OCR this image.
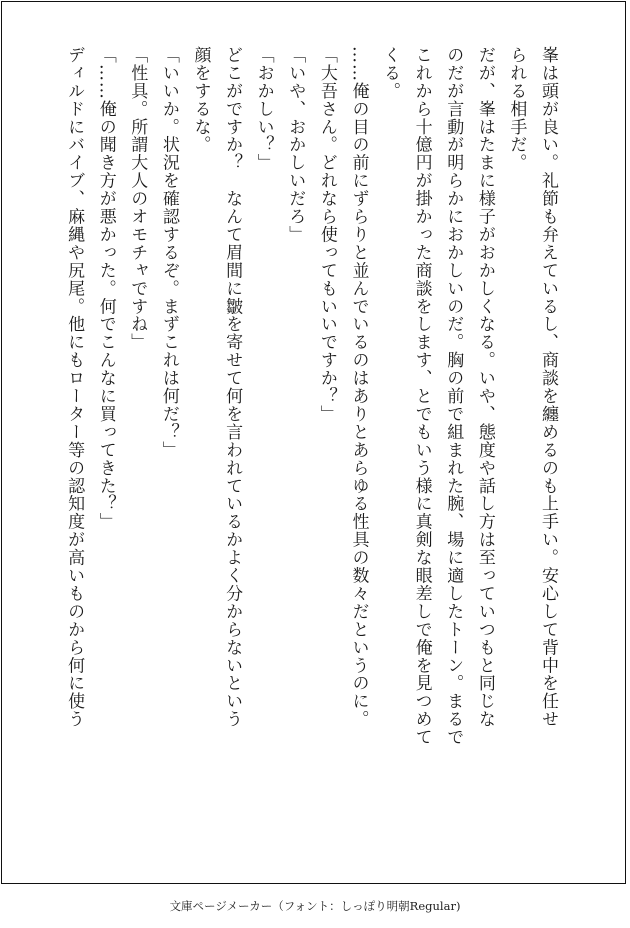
峯は頭が良い。礼節も弁えているし、商談を纏めるのも上手い。安心して背中を任せ
られる相手だ。
だが、峯はたまに様子がおかしくなる。いや、態度や話し方は至っていつもと同じな
のだが言動が明らかにおかしいのだ。胸の前で組まれた腕、場に適したトーン。まるで
これから十億円が掛かった商談をします、とでもいう様に真剣な眼差しで俺を見つめて
くる。
……俺の目の前にずらりと並んでいるのはありとあらゆる性具の数々だというのに。
「大吾さん。どれなら使ってもいいですか？」
「いや、おかしいだろ」
「おかしい？」
どこがですか？　なんて眉間に皺を寄せて何を言われているかよく分からないという
顔をするな。
「いいか。状況を確認するぞ。まずこれは何だ？」
「性具。所謂大人のオモチャですね」
「……俺の聞き方が悪かった。何でこんなに買ってきた？」
ディルドにバイブ、麻縄や尻尾。他にもローター等の認知度が高いものから何に使う
文庫ページメーカー（フォント：しっぽり明朝Regular)
